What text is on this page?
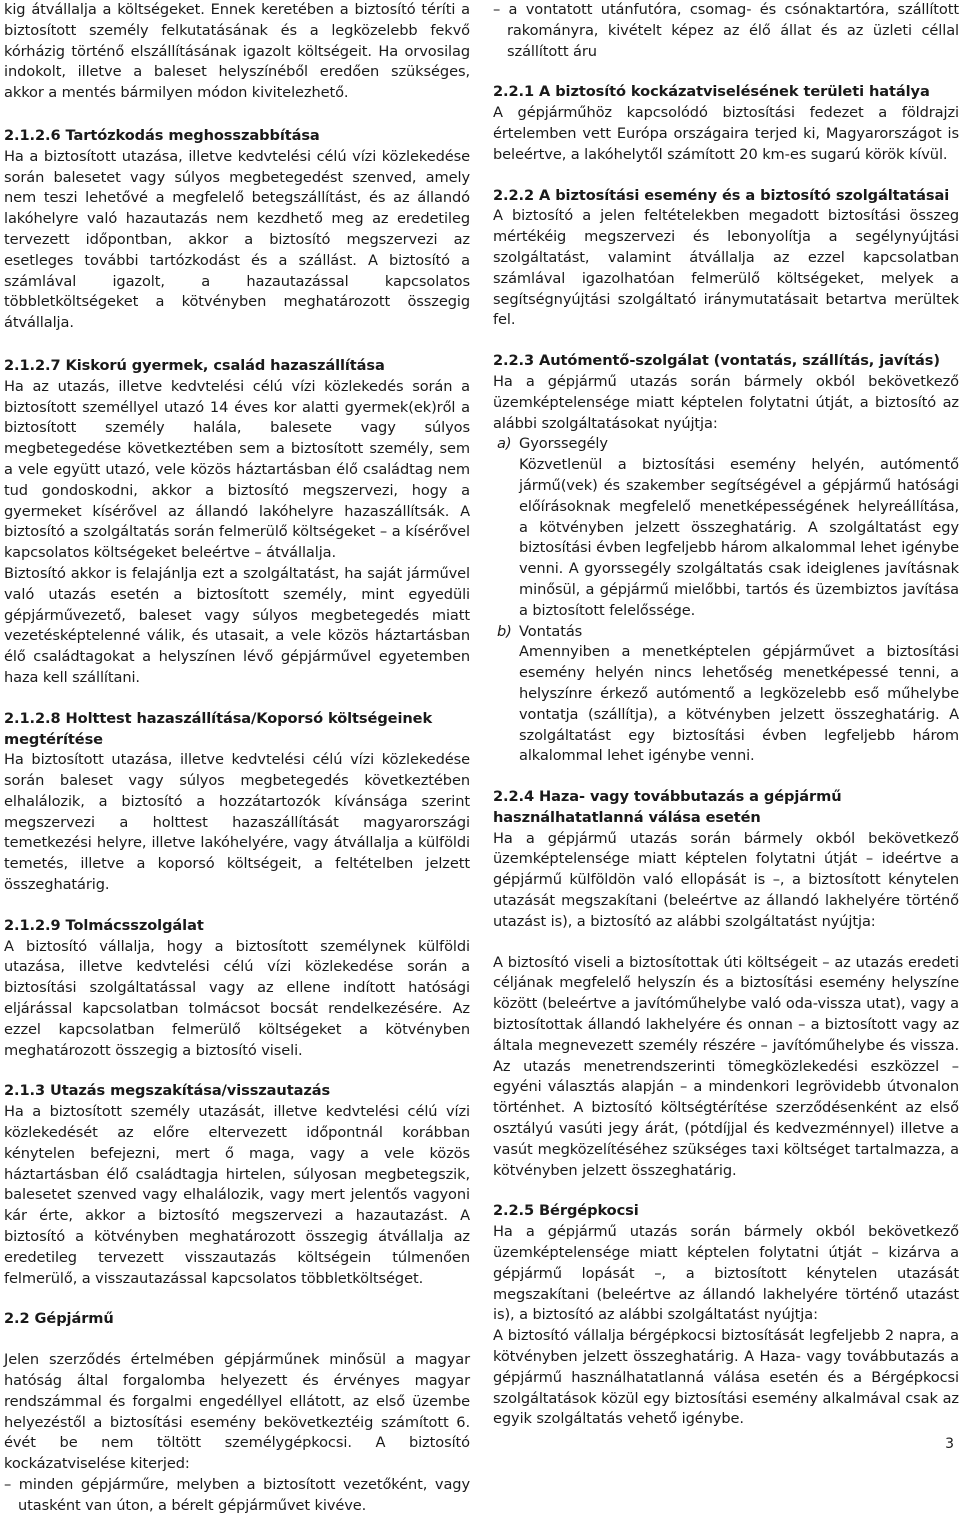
kig átvállalja a költségeket. Ennek keretében a biztosító téríti a biztosított személy felkutatásának és a legközelebb fekvő kórházig történő elszállításának igazolt költségeit. Ha orvosilag indokolt, illetve a baleset helyszínéből eredően szükséges, akkor a mentés bármilyen módon kivitelezhető.

2.1.2.6 Tartózkodás meghosszabbítása

Ha a biztosított utazása, illetve kedvtelési célú vízi közlekedése során balesetet vagy súlyos megbetegedést szenved, amely nem teszi lehetővé a megfelelő betegszállítást, és az állandó lakóhelyre való hazautazás nem kezdhető meg az eredetileg tervezett időpontban, akkor a biztosító megszervezi az esetleges további tartózkodást és a szállást. A biztosító a számlával igazolt, a hazautazással kapcsolatos többletköltségeket a kötvényben meghatározott összegig átvállalja.

2.1.2.7 Kiskorú gyermek, család hazaszállítása

Ha az utazás, illetve kedvtelési célú vízi közlekedés során a biztosított személlyel utazó 14 éves kor alatti gyermek(ek)ről a biztosított személy halála, balesete vagy súlyos megbetegedése következtében sem a biztosított személy, sem a vele együtt utazó, vele közös háztartásban élő családtag nem tud gondoskodni, akkor a biztosító megszervezi, hogy a gyermeket kísérővel az állandó lakóhelyre hazaszállítsák. A biztosító a szolgáltatás során felmerülő költségeket – a kísérővel kapcsolatos költségeket beleértve – átvállalja.

Biztosító akkor is felajánlja ezt a szolgáltatást, ha saját járművel való utazás esetén a biztosított személy, mint egyedüli gépjárművezető, baleset vagy súlyos megbetegedés miatt vezetésképtelenné válik, és utasait, a vele közös háztartásban élő családtagokat a helyszínen lévő gépjárművel egyetemben haza kell szállítani.

2.1.2.8 Holttest hazaszállítása/Koporsó költségeinek megtérítése

Ha biztosított utazása, illetve kedvtelési célú vízi közlekedése során baleset vagy súlyos megbetegedés következtében elhalálozik, a biztosító a hozzátartozók kívánsága szerint megszervezi a holttest hazaszállítását magyarországi temetkezési helyre, illetve lakóhelyére, vagy átvállalja a külföldi temetés, illetve a koporsó költségeit, a feltételben jelzett összeghatárig.

2.1.2.9 Tolmácsszolgálat

A biztosító vállalja, hogy a biztosított személynek külföldi utazása, illetve kedvtelési célú vízi közlekedése során a biztosítási szolgáltatással vagy az ellene indított hatósági eljárással kapcsolatban tolmácsot bocsát rendelkezésére. Az ezzel kapcsolatban felmerülő költségeket a kötvényben meghatározott összegig a biztosító viseli.

2.1.3 Utazás megszakítása/visszautazás

Ha a biztosított személy utazását, illetve kedvtelési célú vízi közlekedését az előre eltervezett időpontnál korábban kénytelen befejezni, mert ő maga, vagy a vele közös háztartásban élő családtagja hirtelen, súlyosan megbetegszik, balesetet szenved vagy elhalálozik, vagy mert jelentős vagyoni kár érte, akkor a biztosító megszervezi a hazautazást. A biztosító a kötvényben meghatározott összegig átvállalja az eredetileg tervezett visszautazás költségein túlmenően felmerülő, a visszautazással kapcsolatos többletköltséget.

2.2 Gépjármű

Jelen szerződés értelmében gépjárműnek minősül a magyar hatóság által forgalomba helyezett és érvényes magyar rendszámmal és forgalmi engedéllyel ellátott, az első üzembe helyezéstől a biztosítási esemény bekövetkeztéig számított 6. évét be nem töltött személygépkocsi. A biztosító kockázatviselése kiterjed:

– minden gépjárműre, melyben a biztosított vezetőként, vagy utasként van úton, a bérelt gépjárművet kivéve.

– a vontatott utánfutóra, csomag- és csónaktartóra, szállított rakományra, kivételt képez az élő állat és az üzleti céllal szállított áru

2.2.1 A biztosító kockázatviselésének területi hatálya

A gépjárműhöz kapcsolódó biztosítási fedezet a földrajzi értelemben vett Európa országaira terjed ki, Magyarországot is beleértve, a lakóhelytől számított 20 km-es sugarú körök kívül.

2.2.2 A biztosítási esemény és a biztosító szolgáltatásai

A biztosító a jelen feltételekben megadott biztosítási összeg mértékéig megszervezi és lebonyolítja a segélynyújtási szolgáltatást, valamint átvállalja az ezzel kapcsolatban számlával igazolhatóan felmerülő költségeket, melyek a segítségnyújtási szolgáltató iránymutatásait betartva merültek fel.

2.2.3 Autómentő-szolgálat (vontatás, szállítás, javítás)

Ha a gépjármű utazás során bármely okból bekövetkező üzemképtelensége miatt képtelen folytatni útját, a biztosító az alábbi szolgáltatásokat nyújtja:

a) Gyorssegély
Közvetlenül a biztosítási esemény helyén, autómentő jármű(vek) és szakember segítségével a gépjármű hatósági előírásoknak megfelelő menetképességének helyreállítása, a kötvényben jelzett összeghatárig. A szolgáltatást egy biztosítási évben legfeljebb három alkalommal lehet igénybe venni. A gyorssegély szolgáltatás csak ideiglenes javításnak minősül, a gépjármű mielőbbi, tartós és üzembiztos javítása a biztosított felelőssége.
b) Vontatás
Amennyiben a menetképtelen gépjárművet a biztosítási esemény helyén nincs lehetőség menetképessé tenni, a helyszínre érkező autómentő a legközelebb eső műhelybe vontatja (szállítja), a kötvényben jelzett összeghatárig. A szolgáltatást egy biztosítási évben legfeljebb három alkalommal lehet igénybe venni.

2.2.4 Haza- vagy továbbutazás a gépjármű használhatatlanná válása esetén

Ha a gépjármű utazás során bármely okból bekövetkező üzemképtelensége miatt képtelen folytatni útját – ideértve a gépjármű külföldön való ellopását is –, a biztosított kénytelen utazását megszakítani (beleértve az állandó lakhelyére történő utazást is), a biztosító az alábbi szolgáltatást nyújtja:

A biztosító viseli a biztosítottak úti költségeit – az utazás eredeti céljának megfelelő helyszín és a biztosítási esemény helyszíne között (beleértve a javítóműhelybe való oda-vissza utat), vagy a biztosítottak állandó lakhelyére és onnan – a biztosított vagy az általa megnevezett személy részére – javítóműhelybe és vissza. Az utazás menetrendszerinti tömegközlekedési eszközzel – egyéni választás alapján – a mindenkori legrövidebb útvonalon történhet. A biztosító költségtérítése szerződésenként az első osztályú vasúti jegy árát, (pótdíjjal és kedvezménnyel) illetve a vasút megközelítéséhez szükséges taxi költséget tartalmazza, a kötvényben jelzett összeghatárig.

2.2.5 Bérgépkocsi

Ha a gépjármű utazás során bármely okból bekövetkező üzemképtelensége miatt képtelen folytatni útját – kizárva a gépjármű lopását –, a biztosított kénytelen utazását megszakítani (beleértve az állandó lakhelyére történő utazást is), a biztosító az alábbi szolgáltatást nyújtja:

A biztosító vállalja bérgépkocsi biztosítását legfeljebb 2 napra, a kötvényben jelzett összeghatárig. A Haza- vagy továbbutazás a gépjármű használhatatlanná válása esetén és a Bérgépkocsi szolgáltatások közül egy biztosítási esemény alkalmával csak az egyik szolgáltatás vehető igénybe.

3
